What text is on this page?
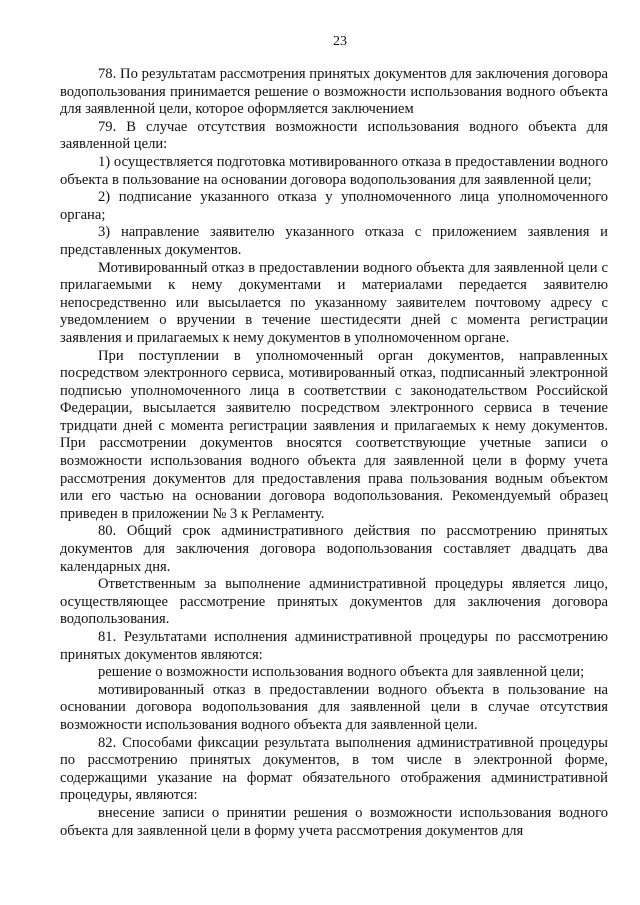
23

78. По результатам рассмотрения принятых документов для заключения договора водопользования принимается решение о возможности использования водного объекта для заявленной цели, которое оформляется заключением

79. В случае отсутствия возможности использования водного объекта для заявленной цели:

1) осуществляется подготовка мотивированного отказа в предоставлении водного объекта в пользование на основании договора водопользования для заявленной цели;

2) подписание указанного отказа у уполномоченного лица уполномоченного органа;

3) направление заявителю указанного отказа с приложением заявления и представленных документов.

Мотивированный отказ в предоставлении водного объекта для заявленной цели с прилагаемыми к нему документами и материалами передается заявителю непосредственно или высылается по указанному заявителем почтовому адресу с уведомлением о вручении в течение шестидесяти дней с момента регистрации заявления и прилагаемых к нему документов в уполномоченном органе.

При поступлении в уполномоченный орган документов, направленных посредством электронного сервиса, мотивированный отказ, подписанный электронной подписью уполномоченного лица в соответствии с законодательством Российской Федерации, высылается заявителю посредством электронного сервиса в течение тридцати дней с момента регистрации заявления и прилагаемых к нему документов. При рассмотрении документов вносятся соответствующие учетные записи о возможности использования водного объекта для заявленной цели в форму учета рассмотрения документов для предоставления права пользования водным объектом или его частью на основании договора водопользования. Рекомендуемый образец приведен в приложении № 3 к Регламенту.

80. Общий срок административного действия по рассмотрению принятых документов для заключения договора водопользования составляет двадцать два календарных дня.

Ответственным за выполнение административной процедуры является лицо, осуществляющее рассмотрение принятых документов для заключения договора водопользования.

81. Результатами исполнения административной процедуры по рассмотрению принятых документов являются:

решение о возможности использования водного объекта для заявленной цели;

мотивированный отказ в предоставлении водного объекта в пользование на основании договора водопользования для заявленной цели в случае отсутствия возможности использования водного объекта для заявленной цели.

82. Способами фиксации результата выполнения административной процедуры по рассмотрению принятых документов, в том числе в электронной форме, содержащими указание на формат обязательного отображения административной процедуры, являются:

внесение записи о принятии решения о возможности использования водного объекта для заявленной цели в форму учета рассмотрения документов для
